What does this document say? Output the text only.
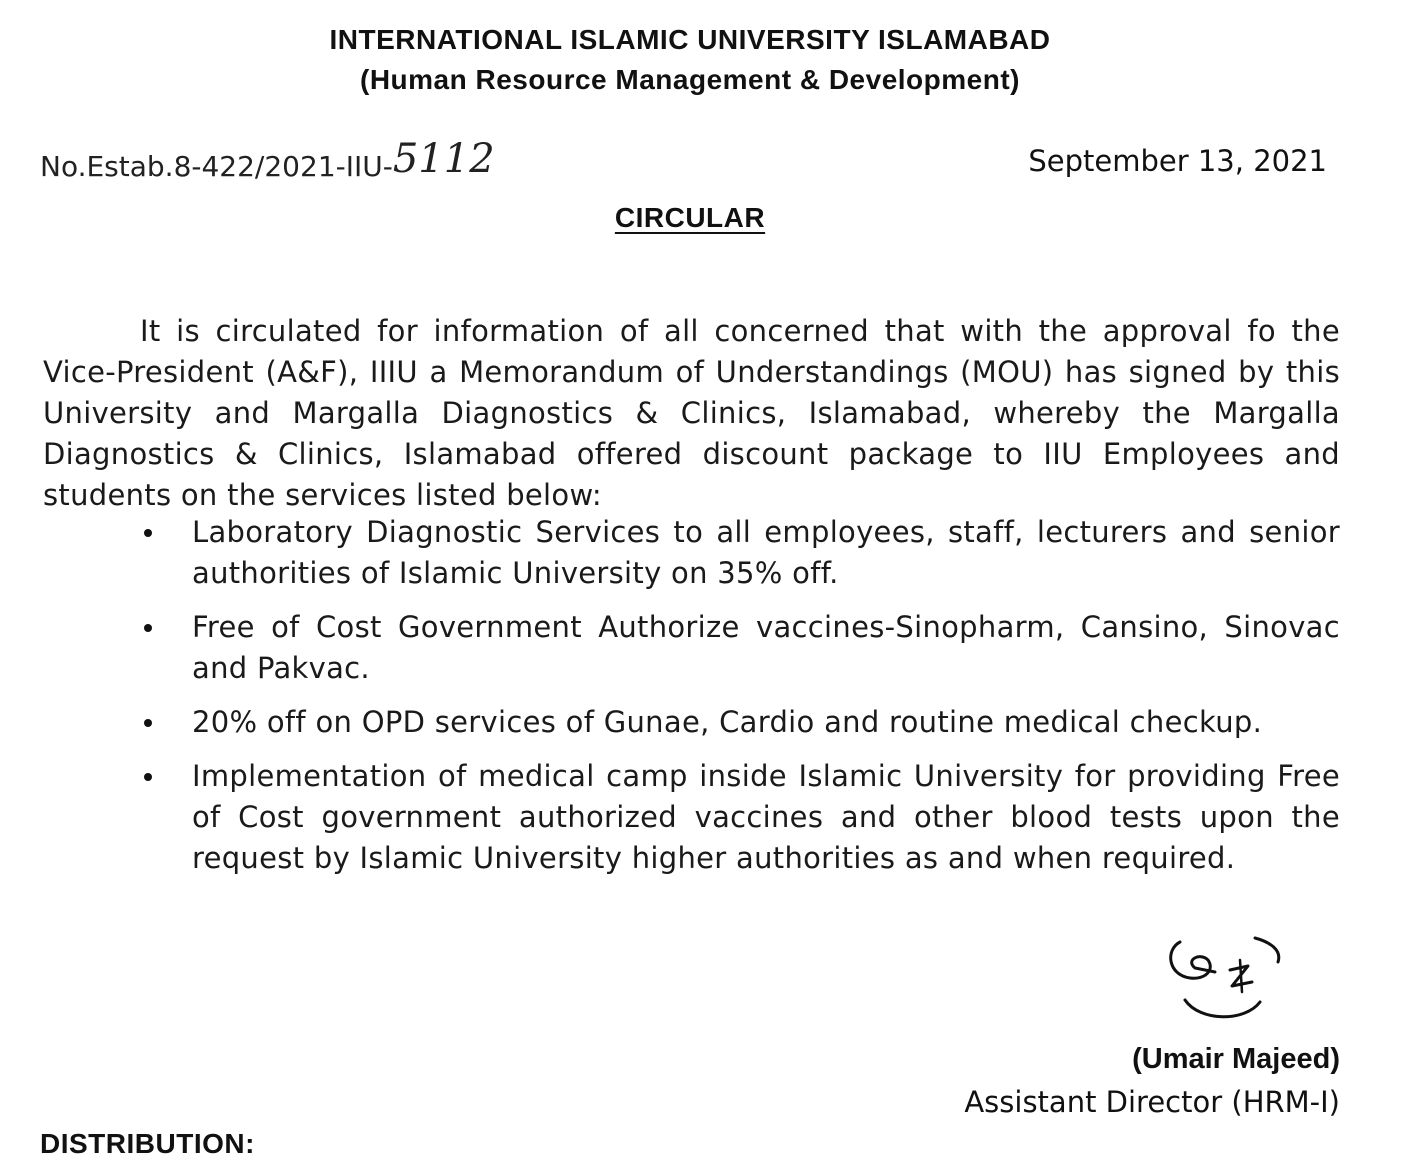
INTERNATIONAL ISLAMIC UNIVERSITY ISLAMABAD
(Human Resource Management & Development)
No.Estab.8-422/2021-IIU-5112	September 13, 2021
CIRCULAR

It is circulated for information of all concerned that with the approval fo the Vice-President (A&F), IIIU a Memorandum of Understandings (MOU) has signed by this University and Margalla Diagnostics & Clinics, Islamabad, whereby the Margalla Diagnostics & Clinics, Islamabad offered discount package to IIU Employees and students on the services listed below:

Laboratory Diagnostic Services to all employees, staff, lecturers and senior authorities of Islamic University on 35% off.
Free of Cost Government Authorize vaccines-Sinopharm, Cansino, Sinovac and Pakvac.
20% off on OPD services of Gunae, Cardio and routine medical checkup.
Implementation of medical camp inside Islamic University for providing Free of Cost government authorized vaccines and other blood tests upon the request by Islamic University higher authorities as and when required.
(Umair Majeed)
Assistant Director (HRM-I)
DISTRIBUTION:
